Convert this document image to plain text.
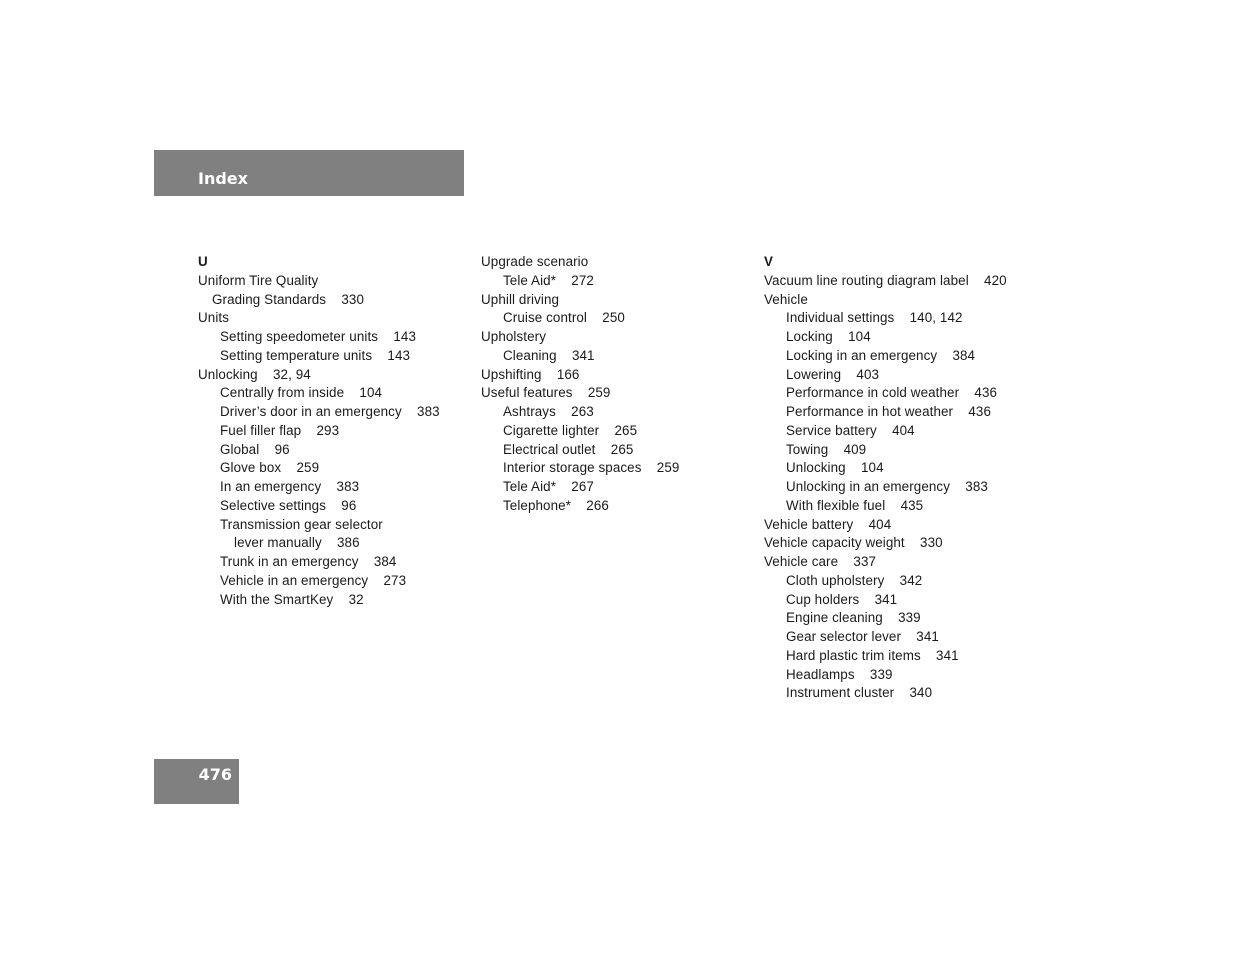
Index
U
Uniform Tire Quality
Grading Standards    330
Units
Setting speedometer units    143
Setting temperature units    143
Unlocking    32, 94
Centrally from inside    104
Driver’s door in an emergency    383
Fuel filler flap    293
Global    96
Glove box    259
In an emergency    383
Selective settings    96
Transmission gear selector
lever manually    386
Trunk in an emergency    384
Vehicle in an emergency    273
With the SmartKey    32
Upgrade scenario
Tele Aid*    272
Uphill driving
Cruise control    250
Upholstery
Cleaning    341
Upshifting    166
Useful features    259
Ashtrays    263
Cigarette lighter    265
Electrical outlet    265
Interior storage spaces    259
Tele Aid*    267
Telephone*    266
V
Vacuum line routing diagram label    420
Vehicle
Individual settings    140, 142
Locking    104
Locking in an emergency    384
Lowering    403
Performance in cold weather    436
Performance in hot weather    436
Service battery    404
Towing    409
Unlocking    104
Unlocking in an emergency    383
With flexible fuel    435
Vehicle battery    404
Vehicle capacity weight    330
Vehicle care    337
Cloth upholstery    342
Cup holders    341
Engine cleaning    339
Gear selector lever    341
Hard plastic trim items    341
Headlamps    339
Instrument cluster    340
476
